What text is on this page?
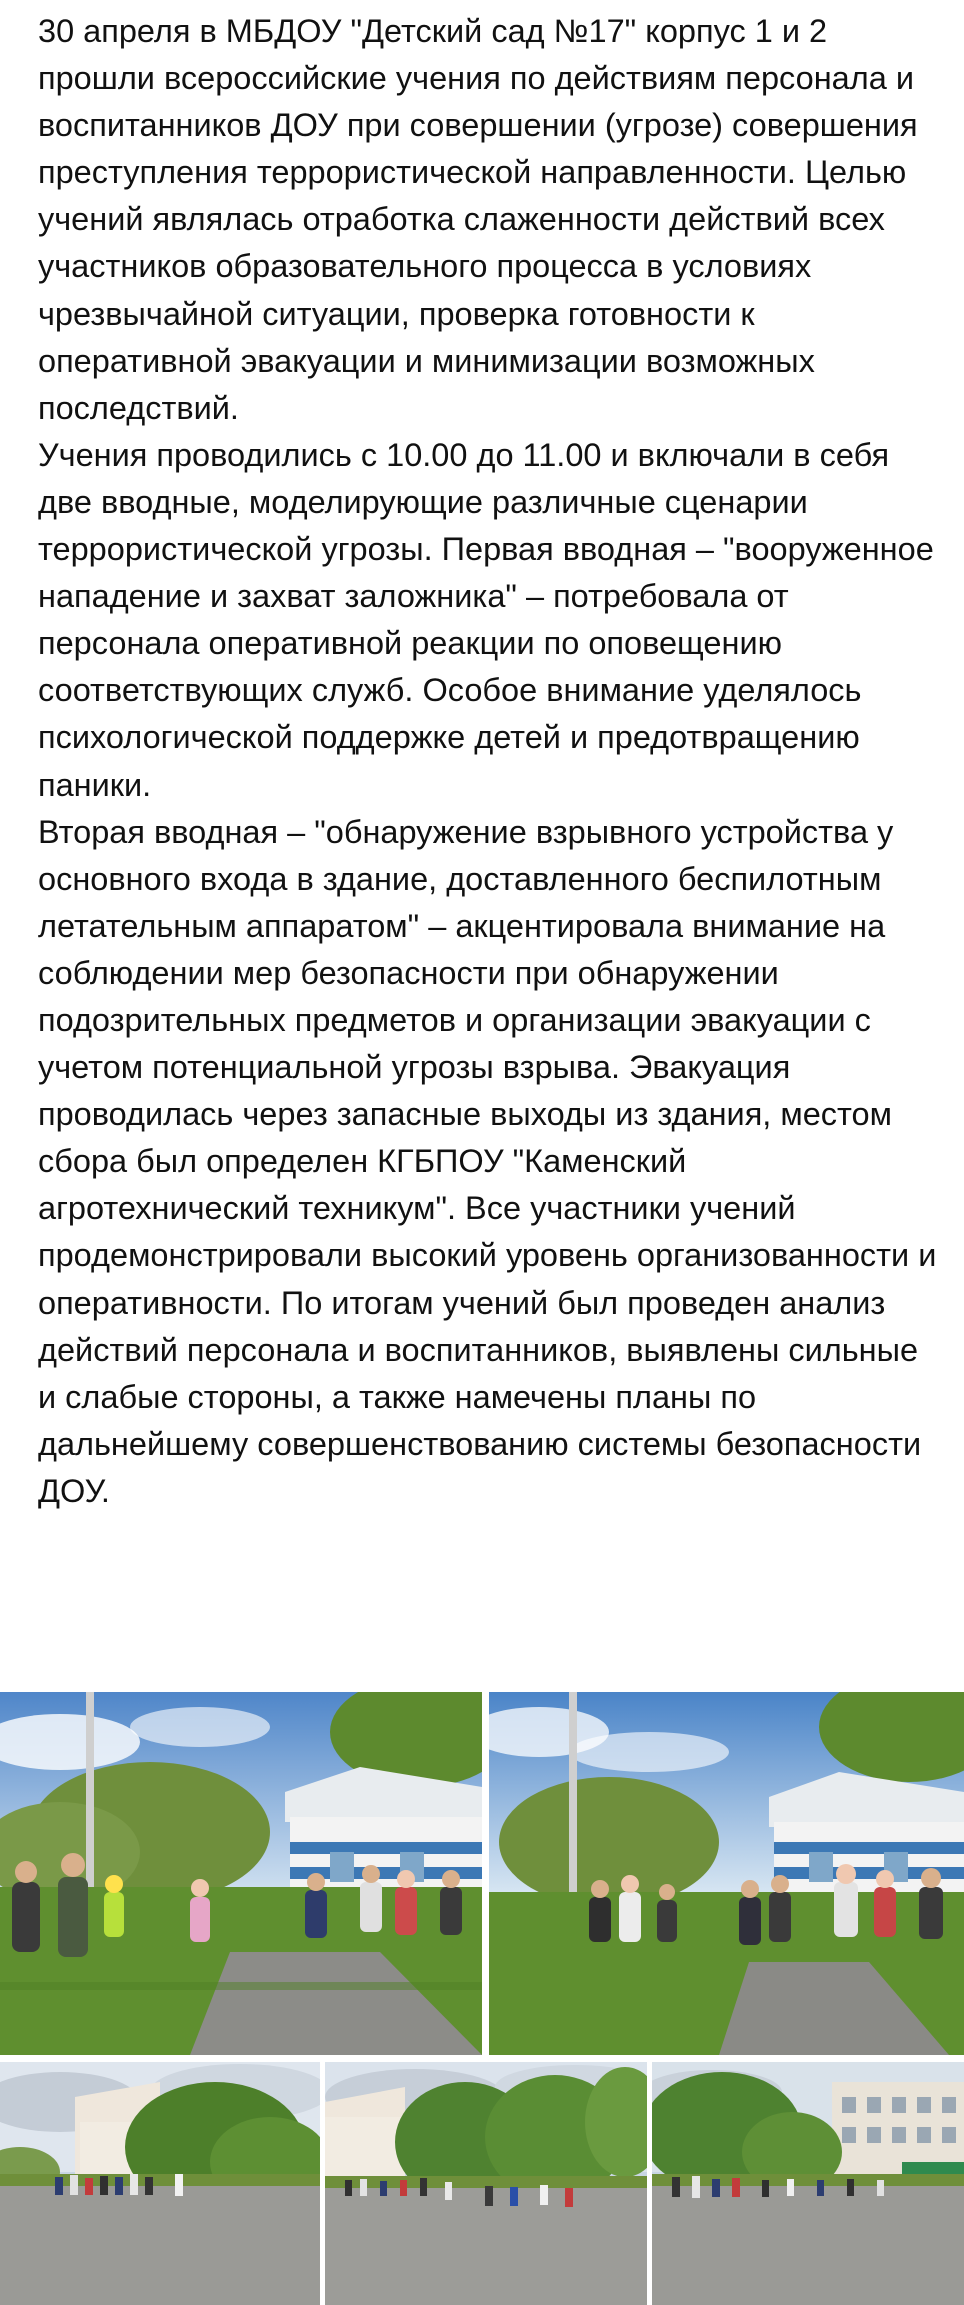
30 апреля в МБДОУ "Детский сад №17" корпус 1 и 2 прошли всероссийские учения по действиям персонала и воспитанников ДОУ при совершении (угрозе) совершения преступления террористической направленности. Целью учений являлась отработка слаженности действий всех участников образовательного процесса в условиях чрезвычайной ситуации, проверка готовности к оперативной эвакуации и минимизации возможных последствий.

Учения проводились с 10.00 до 11.00 и включали в себя две вводные, моделирующие различные сценарии террористической угрозы. Первая вводная – "вооруженное нападение и захват заложника" – потребовала от персонала оперативной реакции по оповещению соответствующих служб. Особое внимание уделялось психологической поддержке детей и предотвращению паники.

Вторая вводная – "обнаружение взрывного устройства у основного входа в здание, доставленного беспилотным летательным аппаратом" – акцентировала внимание на соблюдении мер безопасности при обнаружении подозрительных предметов и организации эвакуации с учетом потенциальной угрозы взрыва. Эвакуация проводилась через запасные выходы из здания, местом сбора был определен КГБПОУ "Каменский агротехнический техникум". Все участники учений продемонстрировали высокий уровень организованности и оперативности. По итогам учений был проведен анализ действий персонала и воспитанников, выявлены сильные и слабые стороны, а также намечены планы по дальнейшему совершенствованию системы безопасности ДОУ.
